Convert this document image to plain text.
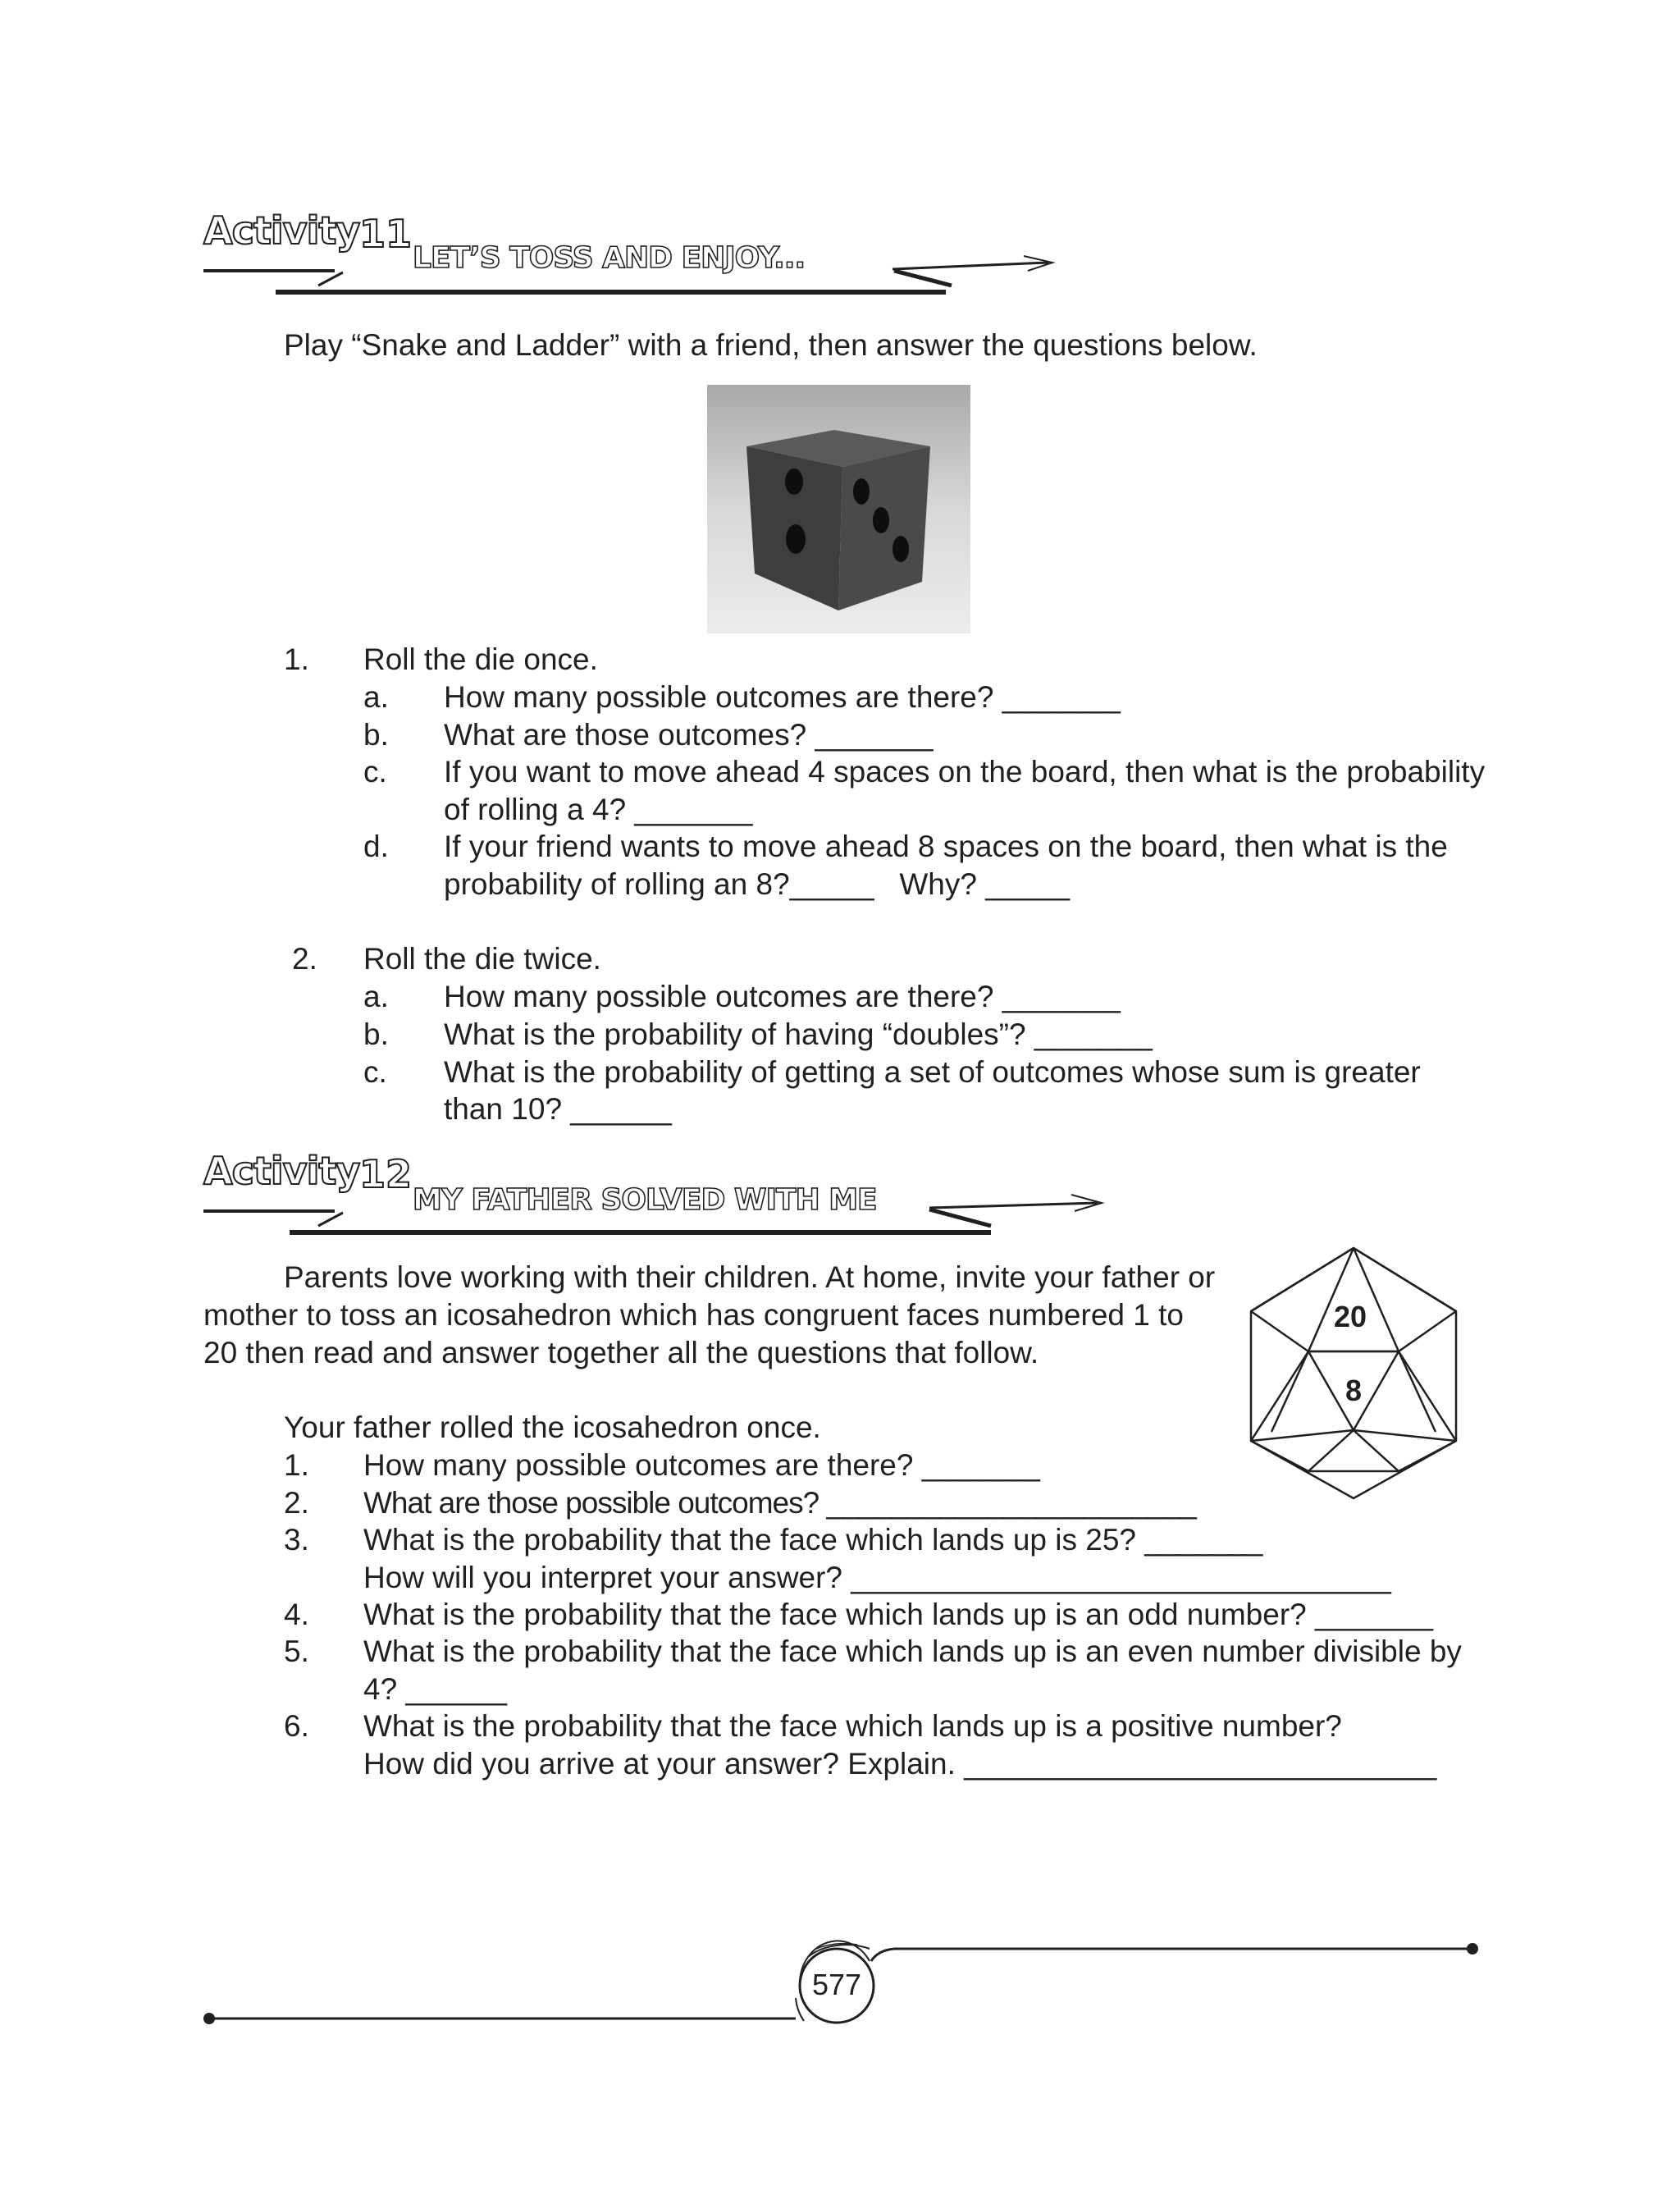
Activity 11
LET’S TOSS AND ENJOY...
Play “Snake and Ladder” with a friend, then answer the questions below.
1. Roll the die once.
a. How many possible outcomes are there? _______
b. What are those outcomes? _______
c. If you want to move ahead 4 spaces on the board, then what is the probability
of rolling a 4? _______
d. If your friend wants to move ahead 8 spaces on the board, then what is the
probability of rolling an 8?_____   Why? _____
2. Roll the die twice.
a. How many possible outcomes are there? _______
b. What is the probability of having “doubles”? _______
c. What is the probability of getting a set of outcomes whose sum is greater
than 10? ______
Activity 12
MY FATHER SOLVED WITH ME
Parents love working with their children. At home, invite your father or
mother to toss an icosahedron which has congruent faces numbered 1 to
20 then read and answer together all the questions that follow.
20
8
Your father rolled the icosahedron once.
1. How many possible outcomes are there? _______
2. What are those possible outcomes? _______________________
3. What is the probability that the face which lands up is 25? _______
How will you interpret your answer? ________________________________
4. What is the probability that the face which lands up is an odd number? _______
5. What is the probability that the face which lands up is an even number divisible by
4? ______
6. What is the probability that the face which lands up is a positive number?
How did you arrive at your answer? Explain. ____________________________
577
